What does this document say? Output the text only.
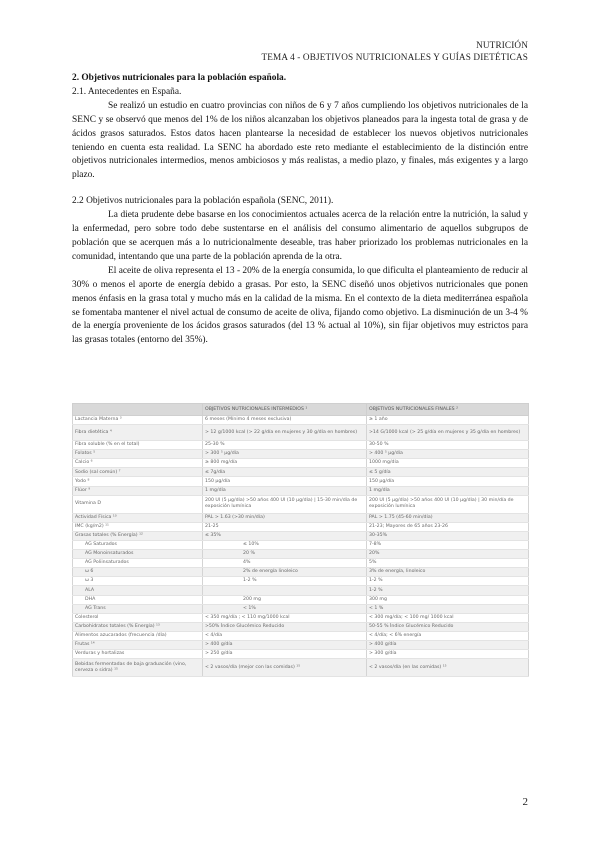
NUTRICIÓN
TEMA 4 - OBJETIVOS NUTRICIONALES Y GUÍAS DIETÉTICAS

2. Objetivos nutricionales para la población española.

2.1. Antecedentes en España.

Se realizó un estudio en cuatro provincias con niños de 6 y 7 años cumpliendo los objetivos nutricionales de la SENC y se observó que menos del 1% de los niños alcanzaban los objetivos planeados para la ingesta total de grasa y de ácidos grasos saturados. Estos datos hacen plantearse la necesidad de establecer los nuevos objetivos nutricionales teniendo en cuenta esta realidad. La SENC ha abordado este reto mediante el establecimiento de la distinción entre objetivos nutricionales intermedios, menos ambiciosos y más realistas, a medio plazo, y finales, más exigentes y a largo plazo.

2.2 Objetivos nutricionales para la población española (SENC, 2011).

La dieta prudente debe basarse en los conocimientos actuales acerca de la relación entre la nutrición, la salud y la enfermedad, pero sobre todo debe sustentarse en el análisis del consumo alimentario de aquellos subgrupos de población que se acerquen más a lo nutricionalmente deseable, tras haber priorizado los problemas nutricionales en la comunidad, intentando que una parte de la población aprenda de la otra.

El aceite de oliva representa el 13 - 20% de la energía consumida, lo que dificulta el planteamiento de reducir al 30% o menos el aporte de energía debido a grasas. Por esto, la SENC diseñó unos objetivos nutricionales que ponen menos énfasis en la grasa total y mucho más en la calidad de la misma. En el contexto de la dieta mediterránea española se fomentaba mantener el nivel actual de consumo de aceite de oliva, fijando como objetivo. La disminución de un 3-4 % de la energía proveniente de los ácidos grasos saturados (del 13 % actual al 10%), sin fijar objetivos muy estrictos para las grasas totales (entorno del 35%).

	OBJETIVOS NUTRICIONALES INTERMEDIOS ¹	OBJETIVOS NUTRICIONALES FINALES ²
Lactancia Materna ³	6 meses (Mínimo 4 meses exclusiva)	≥ 1 año
Fibra dietética ⁴	> 12 g/1000 kcal (> 22 g/día en mujeres y 30 g/día en hombres)	>14 G/1000 kcal (> 25 g/día en mujeres y 35 g/día en hombres)
Fibra soluble (% en el total)	25-30 %	30-50 %
Folatos ⁵	> 300 ⁵ µg/día	> 400 ⁵ µg/día
Calcio ⁶	≥ 800 mg/día	1000 mg/día
Sodio (sal común) ⁷	≤ 7g/día	≤ 5 g/día
Yodo ⁸	150 µg/día	150 µg/día
Flúor ⁹	1 mg/día	1 mg/día
Vitamina D	200 UI (5 µg/día) >50 años 400 UI (10 µg/día) | 15-30 min/día de exposición lumínica	200 UI (5 µg/día) >50 años 400 UI (10 µg/día) | 30 min/día de exposición lumínica
Actividad Física ¹⁰	PAL > 1.63 (>30 min/día)	PAL > 1.75 (45-60 min/día)
IMC (kg/m2) ¹¹	21-25	21-23; Mayores de 65 años 23-26
Grasas totales (% Energía) ¹²	≤ 35%	30-35%
AG Saturados	≤ 10%	7-8%
AG Monoinsaturados	20 %	20%
AG Poliinsaturados	4%	5%
ω 6	2% de energía linoleico	3% de energía, linoleico
ω 3	1-2 %	1-2 %
ALA		1-2 %
DHA	200 mg	300 mg
AG Trans	< 1%	< 1 %
Colesterol	< 350 mg/día ; < 110 mg/1000 kcal	< 300 mg/día; < 100 mg/ 1000 kcal
Carbohidratos totales (% Energía) ¹³	>50% Índice Glucémico Reducido	50-55 % Índice Glucémico Reducido
Alimentos azucarados (frecuencia /día)	< 4/día	< 4/día; < 6% energía
Frutas ¹⁴	> 400 g/día	> 400 g/día
Verduras y hortalizas	> 250 g/día	> 300 g/día
Bebidas fermentadas de baja graduación (vino, cerveza o sidra) ¹⁵	< 2 vasos/día (mejor con las comidas) ¹⁵	< 2 vasos/día (en las comidas) ¹⁵
2
